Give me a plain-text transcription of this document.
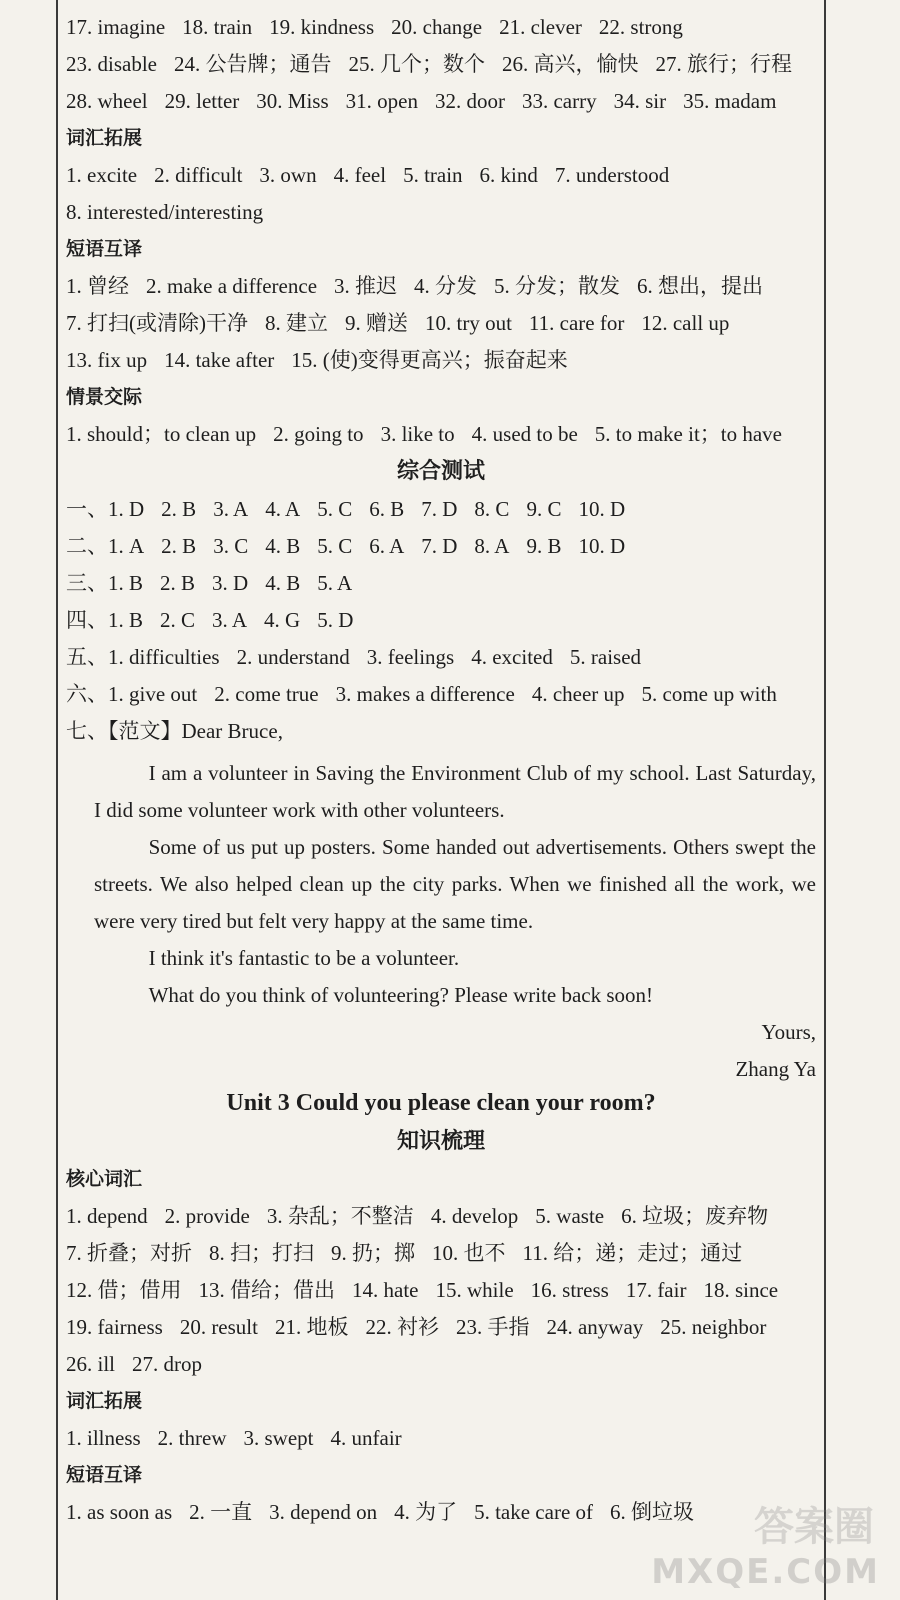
17. imagine 18. train 19. kindness 20. change 21. clever 22. strong
23. disable 24. 公告牌；通告 25. 几个；数个 26. 高兴，愉快 27. 旅行；行程
28. wheel 29. letter 30. Miss 31. open 32. door 33. carry 34. sir 35. madam
词汇拓展
1. excite 2. difficult 3. own 4. feel 5. train 6. kind 7. understood
8. interested/interesting
短语互译
1. 曾经 2. make a difference 3. 推迟 4. 分发 5. 分发；散发 6. 想出，提出
7. 打扫(或清除)干净 8. 建立 9. 赠送 10. try out 11. care for 12. call up
13. fix up 14. take after 15. (使)变得更高兴；振奋起来
情景交际
1. should；to clean up 2. going to 3. like to 4. used to be 5. to make it；to have
综合测试
一、1. D 2. B 3. A 4. A 5. C 6. B 7. D 8. C 9. C 10. D
二、1. A 2. B 3. C 4. B 5. C 6. A 7. D 8. A 9. B 10. D
三、1. B 2. B 3. D 4. B 5. A
四、1. B 2. C 3. A 4. G 5. D
五、1. difficulties 2. understand 3. feelings 4. excited 5. raised
六、1. give out 2. come true 3. makes a difference 4. cheer up 5. come up with
七、【范文】Dear Bruce,
I am a volunteer in Saving the Environment Club of my school. Last Saturday, I did some volunteer work with other volunteers.
Some of us put up posters. Some handed out advertisements. Others swept the streets. We also helped clean up the city parks. When we finished all the work, we were very tired but felt very happy at the same time.
I think it's fantastic to be a volunteer.
What do you think of volunteering? Please write back soon!
Yours,
Zhang Ya
Unit 3 Could you please clean your room?
知识梳理
核心词汇
1. depend 2. provide 3. 杂乱；不整洁 4. develop 5. waste 6. 垃圾；废弃物
7. 折叠；对折 8. 扫；打扫 9. 扔；掷 10. 也不 11. 给；递；走过；通过
12. 借；借用 13. 借给；借出 14. hate 15. while 16. stress 17. fair 18. since
19. fairness 20. result 21. 地板 22. 衬衫 23. 手指 24. anyway 25. neighbor
26. ill 27. drop
词汇拓展
1. illness 2. threw 3. swept 4. unfair
短语互译
1. as soon as 2. 一直 3. depend on 4. 为了 5. take care of 6. 倒垃圾	答案圈
MXQE.COM
